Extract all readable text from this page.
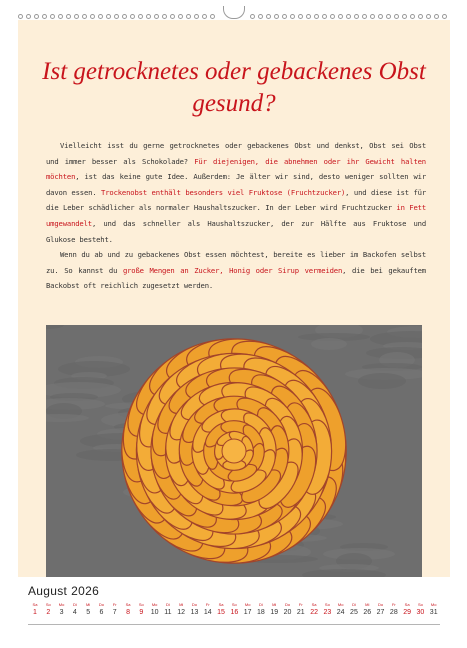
Ist getrocknetes oder gebackenes Obst gesund?

Vielleicht isst du gerne getrocknetes oder gebackenes Obst und denkst, Obst sei Obst und immer besser als Schokolade? Für diejenigen, die abnehmen oder ihr Gewicht halten möchten, ist das keine gute Idee. Außerdem: Je älter wir sind, desto weniger sollten wir davon essen. Trockenobst enthält besonders viel Fruktose (Fruchtzucker), und diese ist für die Leber schädlicher als normaler Haushaltszucker. In der Leber wird Fruchtzucker in Fett umgewandelt, und das schneller als Haushaltszucker, der zur Hälfte aus Fruktose und Glukose besteht.

Wenn du ab und zu gebackenes Obst essen möchtest, bereite es lieber im Backofen selbst zu. So kannst du große Mengen an Zucker, Honig oder Sirup vermeiden, die bei gekauftem Backobst oft reichlich zugesetzt werden.

August 2026
Sa
1
So
2
Mo
3
Di
4
Mi
5
Do
6
Fr
7
Sa
8
So
9
Mo
10
Di
11
Mi
12
Do
13
Fr
14
Sa
15
So
16
Mo
17
Di
18
Mi
19
Do
20
Fr
21
Sa
22
So
23
Mo
24
Di
25
Mi
26
Do
27
Fr
28
Sa
29
So
30
Mo
31
